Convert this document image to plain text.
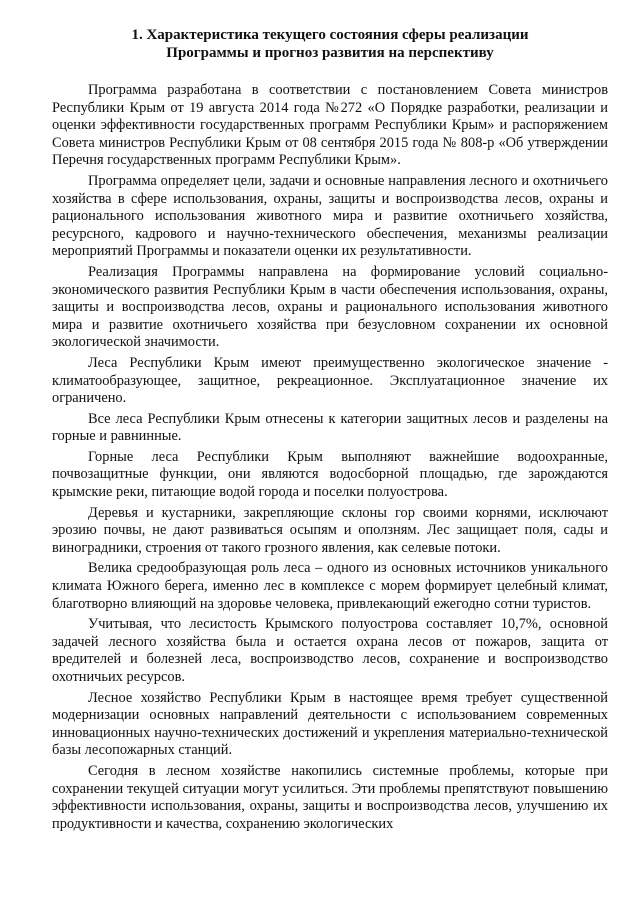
1. Характеристика текущего состояния сферы реализации
Программы и прогноз развития на перспективу

Программа разработана в соответствии с постановлением Совета министров Республики Крым от 19 августа 2014 года №272 «О Порядке разработки, реализации и оценки эффективности государственных программ Республики Крым» и распоряжением Совета министров Республики Крым от 08 сентября 2015 года № 808-р «Об утверждении Перечня государственных программ Республики Крым».

Программа определяет цели, задачи и основные направления лесного и охотничьего хозяйства в сфере использования, охраны, защиты и воспроизводства лесов, охраны и рационального использования животного мира и развитие охотничьего хозяйства, ресурсного, кадрового и научно-технического обеспечения, механизмы реализации мероприятий Программы и показатели оценки их результативности.

Реализация Программы направлена на формирование условий социально-экономического развития Республики Крым в части обеспечения использования, охраны, защиты и воспроизводства лесов, охраны и рационального использования животного мира и развитие охотничьего хозяйства при безусловном сохранении их основной экологической значимости.

Леса Республики Крым имеют преимущественно экологическое значение - климатообразующее, защитное, рекреационное. Эксплуатационное значение их ограничено.

Все леса Республики Крым отнесены к категории защитных лесов и разделены на горные и равнинные.

Горные леса Республики Крым выполняют важнейшие водоохранные, почвозащитные функции, они являются водосборной площадью, где зарождаются крымские реки, питающие водой города и поселки полуострова.

Деревья и кустарники, закрепляющие склоны гор своими корнями, исключают эрозию почвы, не дают развиваться осыпям и оползням. Лес защищает поля, сады и виноградники, строения от такого грозного явления, как селевые потоки.

Велика средообразующая роль леса – одного из основных источников уникального климата Южного берега, именно лес в комплексе с морем формирует целебный климат, благотворно влияющий на здоровье человека, привлекающий ежегодно сотни туристов.

Учитывая, что лесистость Крымского полуострова составляет 10,7%, основной задачей лесного хозяйства была и остается охрана лесов от пожаров, защита от вредителей и болезней леса, воспроизводство лесов, сохранение и воспроизводство охотничьих ресурсов.

Лесное хозяйство Республики Крым в настоящее время требует существенной модернизации основных направлений деятельности с использованием современных инновационных научно-технических достижений и укрепления материально-технической базы лесопожарных станций.

Сегодня в лесном хозяйстве накопились системные проблемы, которые при сохранении текущей ситуации могут усилиться. Эти проблемы препятствуют повышению эффективности использования, охраны, защиты и воспроизводства лесов, улучшению их продуктивности и качества, сохранению экологических
